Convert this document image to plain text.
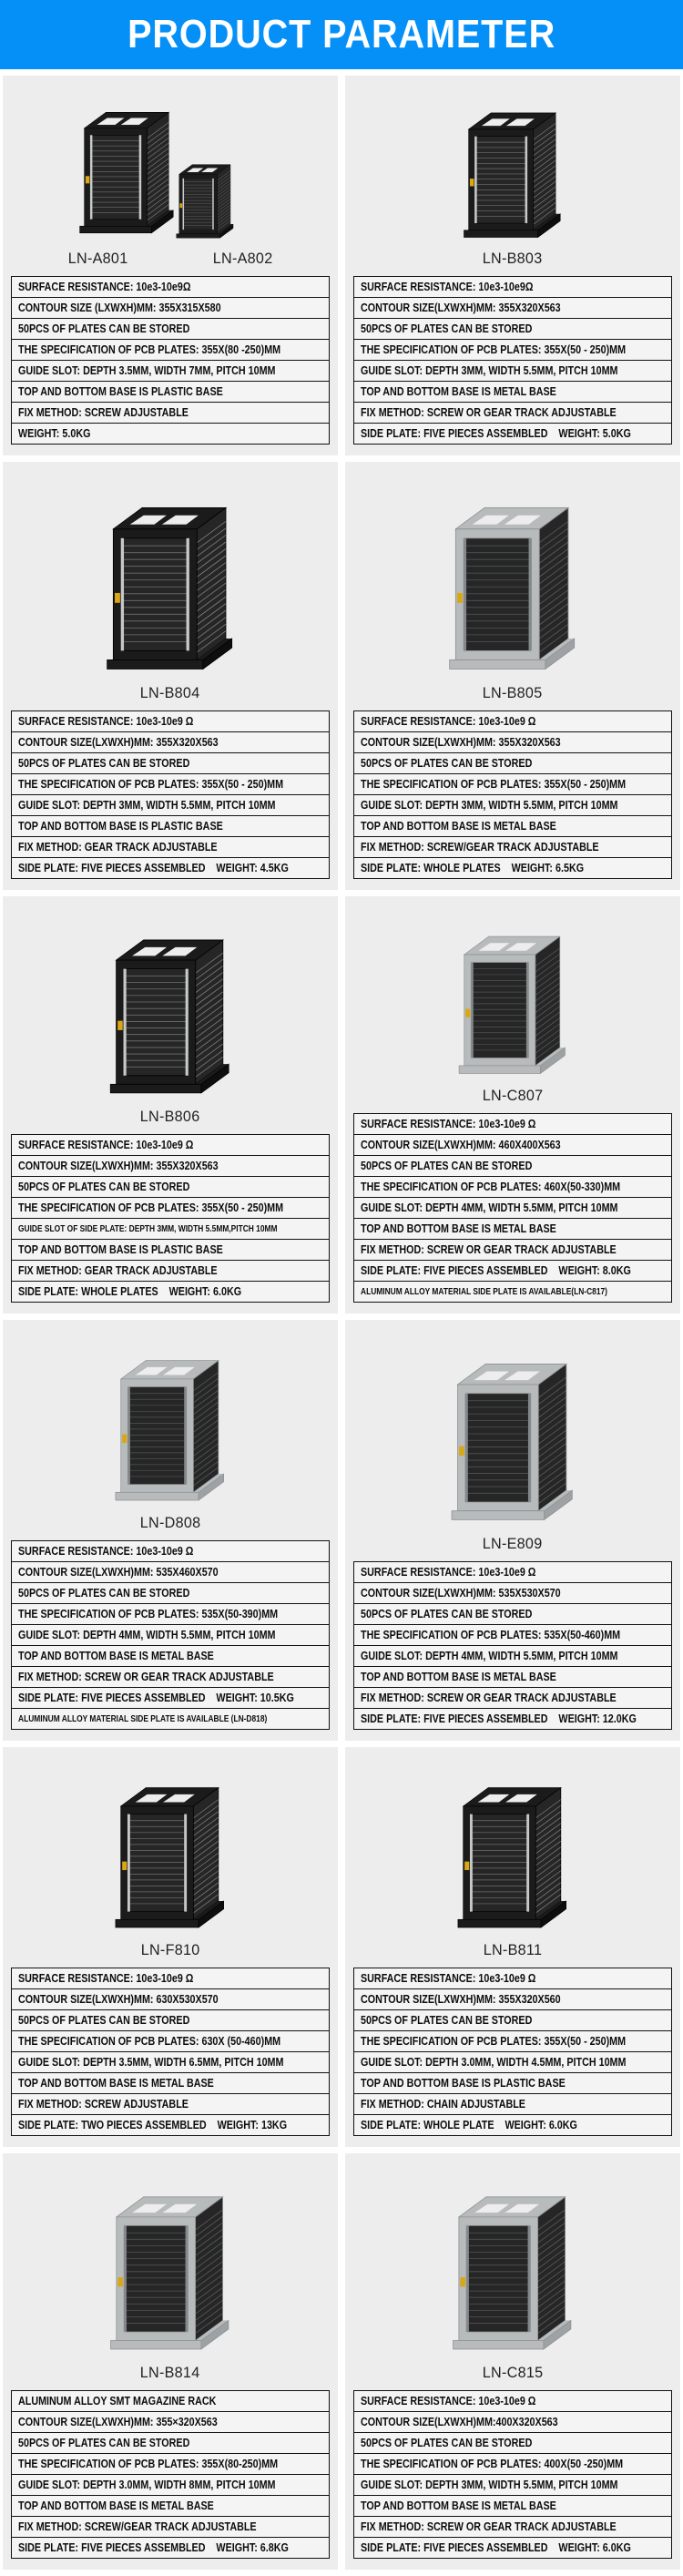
PRODUCT PARAMETER
LN-A801	LN-A802
SURFACE RESISTANCE: 10e3-10e9Ω
CONTOUR SIZE (LXWXH)MM: 355X315X580
50PCS OF PLATES CAN BE STORED
THE SPECIFICATION OF PCB PLATES: 355X(80 -250)MM
GUIDE SLOT: DEPTH 3.5MM, WIDTH 7MM, PITCH 10MM
TOP AND BOTTOM BASE IS PLASTIC BASE
FIX METHOD: SCREW ADJUSTABLE
WEIGHT: 5.0KG
LN-B803
SURFACE RESISTANCE: 10e3-10e9Ω
CONTOUR SIZE(LXWXH)MM: 355X320X563
50PCS OF PLATES CAN BE STORED
THE SPECIFICATION OF PCB PLATES: 355X(50 - 250)MM
GUIDE SLOT: DEPTH 3MM, WIDTH 5.5MM, PITCH 10MM
TOP AND BOTTOM BASE IS METAL BASE
FIX METHOD: SCREW OR GEAR TRACK ADJUSTABLE
SIDE PLATE: FIVE PIECES ASSEMBLED    WEIGHT: 5.0KG
LN-B804
SURFACE RESISTANCE: 10e3-10e9 Ω
CONTOUR SIZE(LXWXH)MM: 355X320X563
50PCS OF PLATES CAN BE STORED
THE SPECIFICATION OF PCB PLATES: 355X(50 - 250)MM
GUIDE SLOT: DEPTH 3MM, WIDTH 5.5MM, PITCH 10MM
TOP AND BOTTOM BASE IS PLASTIC BASE
FIX METHOD: GEAR TRACK ADJUSTABLE
SIDE PLATE: FIVE PIECES ASSEMBLED    WEIGHT: 4.5KG
LN-B805
SURFACE RESISTANCE: 10e3-10e9 Ω
CONTOUR SIZE(LXWXH)MM: 355X320X563
50PCS OF PLATES CAN BE STORED
THE SPECIFICATION OF PCB PLATES: 355X(50 - 250)MM
GUIDE SLOT: DEPTH 3MM, WIDTH 5.5MM, PITCH 10MM
TOP AND BOTTOM BASE IS METAL BASE
FIX METHOD: SCREW/GEAR TRACK ADJUSTABLE
SIDE PLATE: WHOLE PLATES    WEIGHT: 6.5KG
LN-B806
SURFACE RESISTANCE: 10e3-10e9 Ω
CONTOUR SIZE(LXWXH)MM: 355X320X563
50PCS OF PLATES CAN BE STORED
THE SPECIFICATION OF PCB PLATES: 355X(50 - 250)MM
GUIDE SLOT OF SIDE PLATE: DEPTH 3MM, WIDTH 5.5MM,PITCH 10MM
TOP AND BOTTOM BASE IS PLASTIC BASE
FIX METHOD: GEAR TRACK ADJUSTABLE
SIDE PLATE: WHOLE PLATES    WEIGHT: 6.0KG
LN-C807
SURFACE RESISTANCE: 10e3-10e9 Ω
CONTOUR SIZE(LXWXH)MM: 460X400X563
50PCS OF PLATES CAN BE STORED
THE SPECIFICATION OF PCB PLATES: 460X(50-330)MM
GUIDE SLOT: DEPTH 4MM, WIDTH 5.5MM, PITCH 10MM
TOP AND BOTTOM BASE IS METAL BASE
FIX METHOD: SCREW OR GEAR TRACK ADJUSTABLE
SIDE PLATE: FIVE PIECES ASSEMBLED    WEIGHT: 8.0KG
ALUMINUM ALLOY MATERIAL SIDE PLATE IS AVAILABLE(LN-C817)
LN-D808
SURFACE RESISTANCE: 10e3-10e9 Ω
CONTOUR SIZE(LXWXH)MM: 535X460X570
50PCS OF PLATES CAN BE STORED
THE SPECIFICATION OF PCB PLATES: 535X(50-390)MM
GUIDE SLOT: DEPTH 4MM, WIDTH 5.5MM, PITCH 10MM
TOP AND BOTTOM BASE IS METAL BASE
FIX METHOD: SCREW OR GEAR TRACK ADJUSTABLE
SIDE PLATE: FIVE PIECES ASSEMBLED    WEIGHT: 10.5KG
ALUMINUM ALLOY MATERIAL SIDE PLATE IS AVAILABLE (LN-D818)
LN-E809
SURFACE RESISTANCE: 10e3-10e9 Ω
CONTOUR SIZE(LXWXH)MM: 535X530X570
50PCS OF PLATES CAN BE STORED
THE SPECIFICATION OF PCB PLATES: 535X(50-460)MM
GUIDE SLOT: DEPTH 4MM, WIDTH 5.5MM, PITCH 10MM
TOP AND BOTTOM BASE IS METAL BASE
FIX METHOD: SCREW OR GEAR TRACK ADJUSTABLE
SIDE PLATE: FIVE PIECES ASSEMBLED    WEIGHT: 12.0KG
LN-F810
SURFACE RESISTANCE: 10e3-10e9 Ω
CONTOUR SIZE(LXWXH)MM: 630X530X570
50PCS OF PLATES CAN BE STORED
THE SPECIFICATION OF PCB PLATES: 630X (50-460)MM
GUIDE SLOT: DEPTH 3.5MM, WIDTH 6.5MM, PITCH 10MM
TOP AND BOTTOM BASE IS METAL BASE
FIX METHOD: SCREW ADJUSTABLE
SIDE PLATE: TWO PIECES ASSEMBLED    WEIGHT: 13KG
LN-B811
SURFACE RESISTANCE: 10e3-10e9 Ω
CONTOUR SIZE(LXWXH)MM: 355X320X560
50PCS OF PLATES CAN BE STORED
THE SPECIFICATION OF PCB PLATES: 355X(50 - 250)MM
GUIDE SLOT: DEPTH 3.0MM, WIDTH 4.5MM, PITCH 10MM
TOP AND BOTTOM BASE IS PLASTIC BASE
FIX METHOD: CHAIN ADJUSTABLE
SIDE PLATE: WHOLE PLATE    WEIGHT: 6.0KG
LN-B814
ALUMINUM ALLOY SMT MAGAZINE RACK
CONTOUR SIZE(LXWXH)MM: 355×320X563
50PCS OF PLATES CAN BE STORED
THE SPECIFICATION OF PCB PLATES: 355X(80-250)MM
GUIDE SLOT: DEPTH 3.0MM, WIDTH 8MM, PITCH 10MM
TOP AND BOTTOM BASE IS METAL BASE
FIX METHOD: SCREW/GEAR TRACK ADJUSTABLE
SIDE PLATE: FIVE PIECES ASSEMBLED    WEIGHT: 6.8KG
LN-C815
SURFACE RESISTANCE: 10e3-10e9 Ω
CONTOUR SIZE(LXWXH)MM:400X320X563
50PCS OF PLATES CAN BE STORED
THE SPECIFICATION OF PCB PLATES: 400X(50 -250)MM
GUIDE SLOT: DEPTH 3MM, WIDTH 5.5MM, PITCH 10MM
TOP AND BOTTOM BASE IS METAL BASE
FIX METHOD: SCREW OR GEAR TRACK ADJUSTABLE
SIDE PLATE: FIVE PIECES ASSEMBLED    WEIGHT: 6.0KG
